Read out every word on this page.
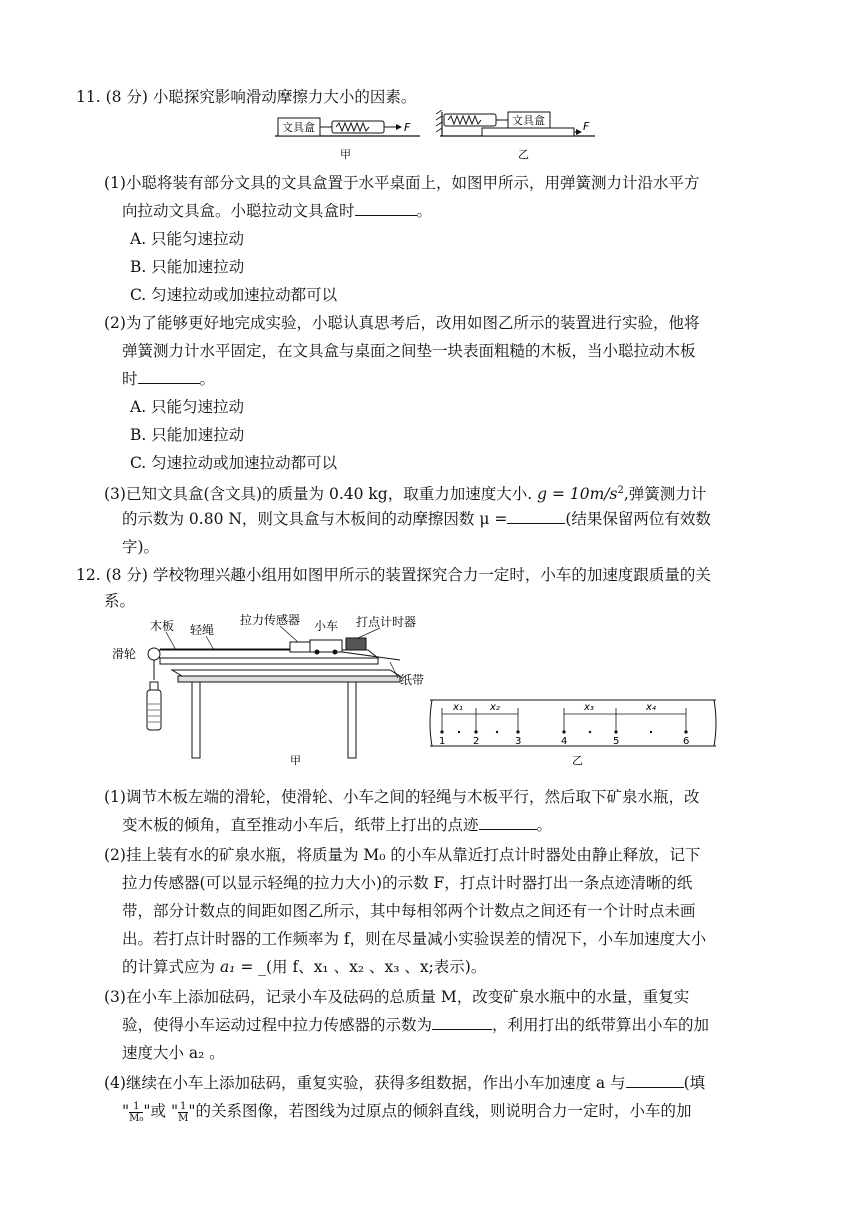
11. (8 分) 小聪探究影响滑动摩擦力大小的因素。
文具盒	F
甲
文具盒	F
乙
(1)小聪将装有部分文具的文具盒置于水平桌面上，如图甲所示，用弹簧测力计沿水平方
向拉动文具盒。小聪拉动文具盒时	。
A. 只能匀速拉动
B. 只能加速拉动
C. 匀速拉动或加速拉动都可以
(2)为了能够更好地完成实验，小聪认真思考后，改用如图乙所示的装置进行实验，他将
弹簧测力计水平固定，在文具盒与桌面之间垫一块表面粗糙的木板，当小聪拉动木板
时	。
A. 只能匀速拉动
B. 只能加速拉动
C. 匀速拉动或加速拉动都可以
(3)已知文具盒(含文具)的质量为 0.40 kg，取重力加速度大小. $g = 10m/s^2$,弹簧测力计
的示数为 0.80 N，则文具盒与木板间的动摩擦因数 μ =	(结果保留两位有效数
字)。
12. (8 分) 学校物理兴趣小组用如图甲所示的装置探究合力一定时，小车的加速度跟质量的关
系。
木板 轻绳
拉力传感器 小车 打点计时器
滑轮
纸带
甲
x₁	x₂	x₃	x₄
1	2	3	4	5	6
乙
(1)调节木板左端的滑轮，使滑轮、小车之间的轻绳与木板平行，然后取下矿泉水瓶，改
变木板的倾角，直至推动小车后，纸带上打出的点迹	。
(2)挂上装有水的矿泉水瓶，将质量为 M₀ 的小车从靠近打点计时器处由静止释放，记下
拉力传感器(可以显示轻绳的拉力大小)的示数 F，打点计时器打出一条点迹清晰的纸
带，部分计数点的间距如图乙所示，其中每相邻两个计数点之间还有一个计时点未画
出。若打点计时器的工作频率为 f，则在尽量减小实验误差的情况下，小车加速度大小
的计算式应为 a₁ = _(用 f、x₁ 、x₂ 、x₃ 、x;表示)。
(3)在小车上添加砝码，记录小车及砝码的总质量 M，改变矿泉水瓶中的水量，重复实
验，使得小车运动过程中拉力传感器的示数为	，利用打出的纸带算出小车的加
速度大小 a₂ 。
(4)继续在小车上添加砝码，重复实验，获得多组数据，作出小车加速度 a 与	(填
" $\frac{1}{\text{M₀}}$ "或 " $\frac{1}{M}$ "的关系图像，若图线为过原点的倾斜直线，则说明合力一定时，小车的加
